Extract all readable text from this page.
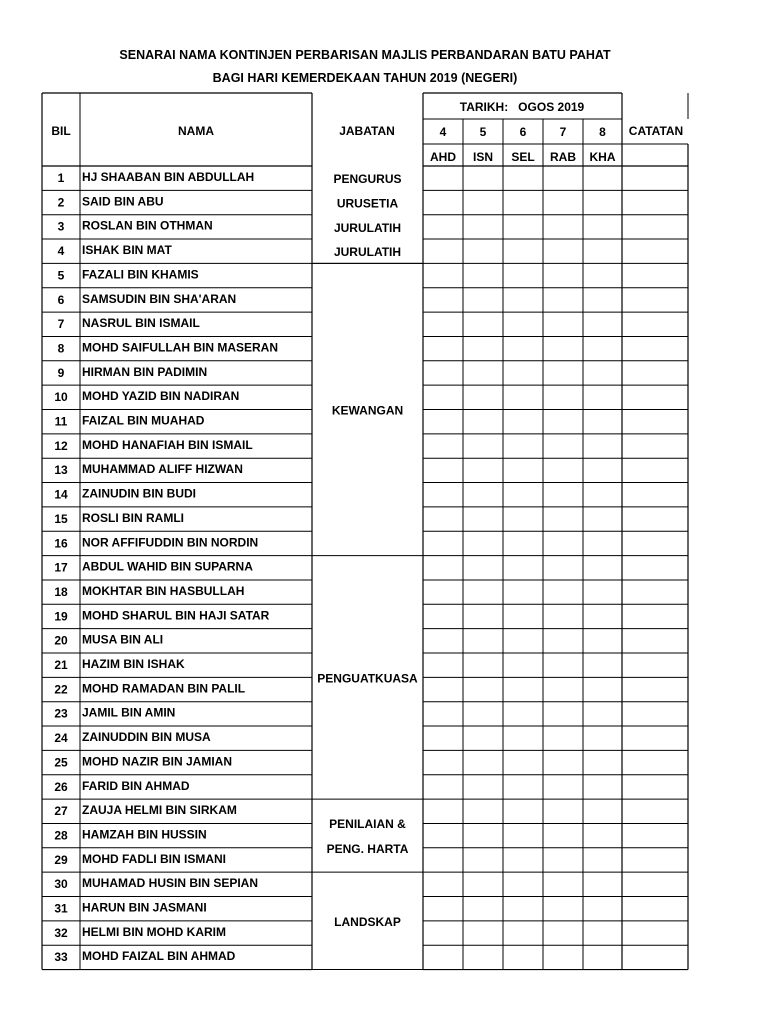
SENARAI NAMA KONTINJEN PERBARISAN MAJLIS PERBANDARAN BATU PAHAT
BAGI HARI KEMERDEKAAN TAHUN 2019 (NEGERI)
BIL	NAMA	JABATAN
TARIKH:   OGOS 2019
CATATAN
4
AHD
5
ISN
6
SEL
7
RAB
8
KHA
1 HJ SHAABAN BIN ABDULLAH
2 SAID BIN ABU
3 ROSLAN BIN OTHMAN
4 ISHAK BIN MAT
5 FAZALI BIN KHAMIS
6 SAMSUDIN BIN SHA'ARAN
7 NASRUL BIN ISMAIL
8 MOHD SAIFULLAH BIN MASERAN
9 HIRMAN BIN PADIMIN
10 MOHD YAZID BIN NADIRAN
11 FAIZAL BIN MUAHAD
12 MOHD HANAFIAH BIN ISMAIL
13 MUHAMMAD ALIFF HIZWAN
14 ZAINUDIN BIN BUDI
15 ROSLI BIN RAMLI
16 NOR AFFIFUDDIN BIN NORDIN
17 ABDUL WAHID BIN SUPARNA
18 MOKHTAR BIN HASBULLAH
19 MOHD SHARUL BIN HAJI SATAR
20 MUSA BIN ALI
21 HAZIM BIN ISHAK
22 MOHD RAMADAN BIN PALIL
23 JAMIL BIN AMIN
24 ZAINUDDIN BIN MUSA
25 MOHD NAZIR BIN JAMIAN
26 FARID BIN AHMAD
27 ZAUJA HELMI BIN SIRKAM
28 HAMZAH BIN HUSSIN
29 MOHD FADLI BIN ISMANI
30 MUHAMAD HUSIN BIN SEPIAN
31 HARUN BIN JASMANI
32 HELMI BIN MOHD KARIM
33 MOHD FAIZAL BIN AHMAD
PENGURUS
URUSETIA
JURULATIH
JURULATIH
KEWANGAN
PENGUATKUASA
PENILAIAN &
PENG. HARTA
LANDSKAP
